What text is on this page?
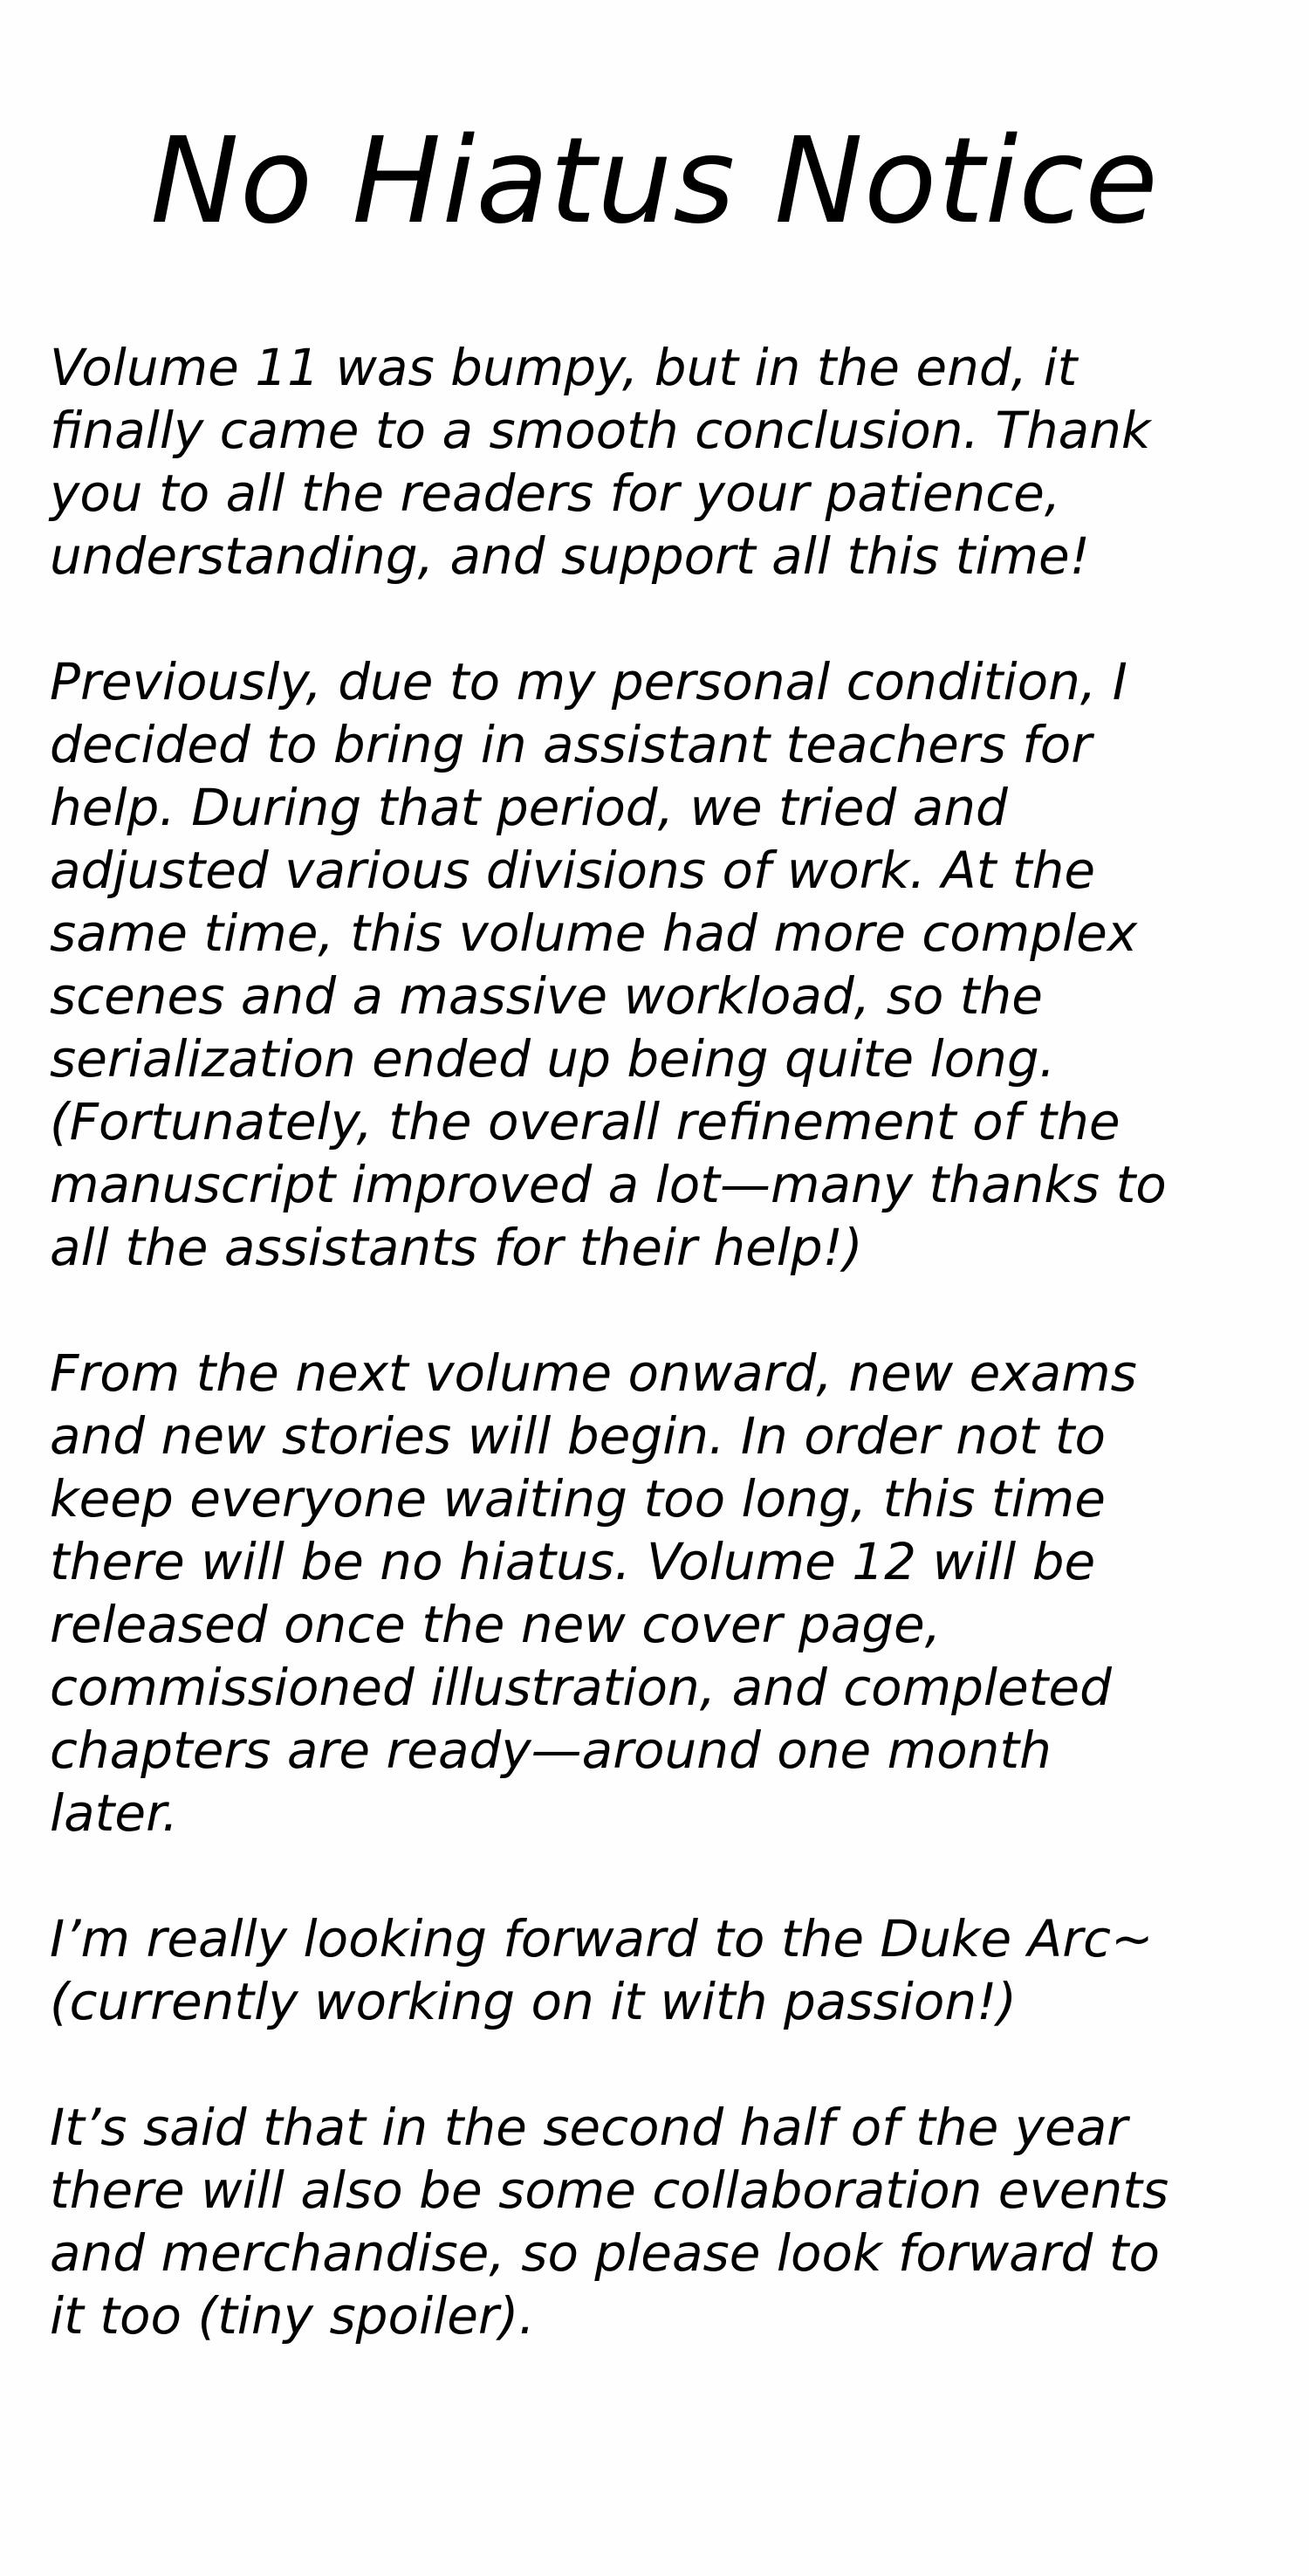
No Hiatus Notice

Volume 11 was bumpy, but in the end, it
finally came to a smooth conclusion. Thank
you to all the readers for your patience,
understanding, and support all this time!

Previously, due to my personal condition, I
decided to bring in assistant teachers for
help. During that period, we tried and
adjusted various divisions of work. At the
same time, this volume had more complex
scenes and a massive workload, so the
serialization ended up being quite long.
(Fortunately, the overall refinement of the
manuscript improved a lot—many thanks to
all the assistants for their help!)

From the next volume onward, new exams
and new stories will begin. In order not to
keep everyone waiting too long, this time
there will be no hiatus. Volume 12 will be
released once the new cover page,
commissioned illustration, and completed
chapters are ready—around one month
later.

I’m really looking forward to the Duke Arc~
(currently working on it with passion!)

It’s said that in the second half of the year
there will also be some collaboration events
and merchandise, so please look forward to
it too (tiny spoiler).
